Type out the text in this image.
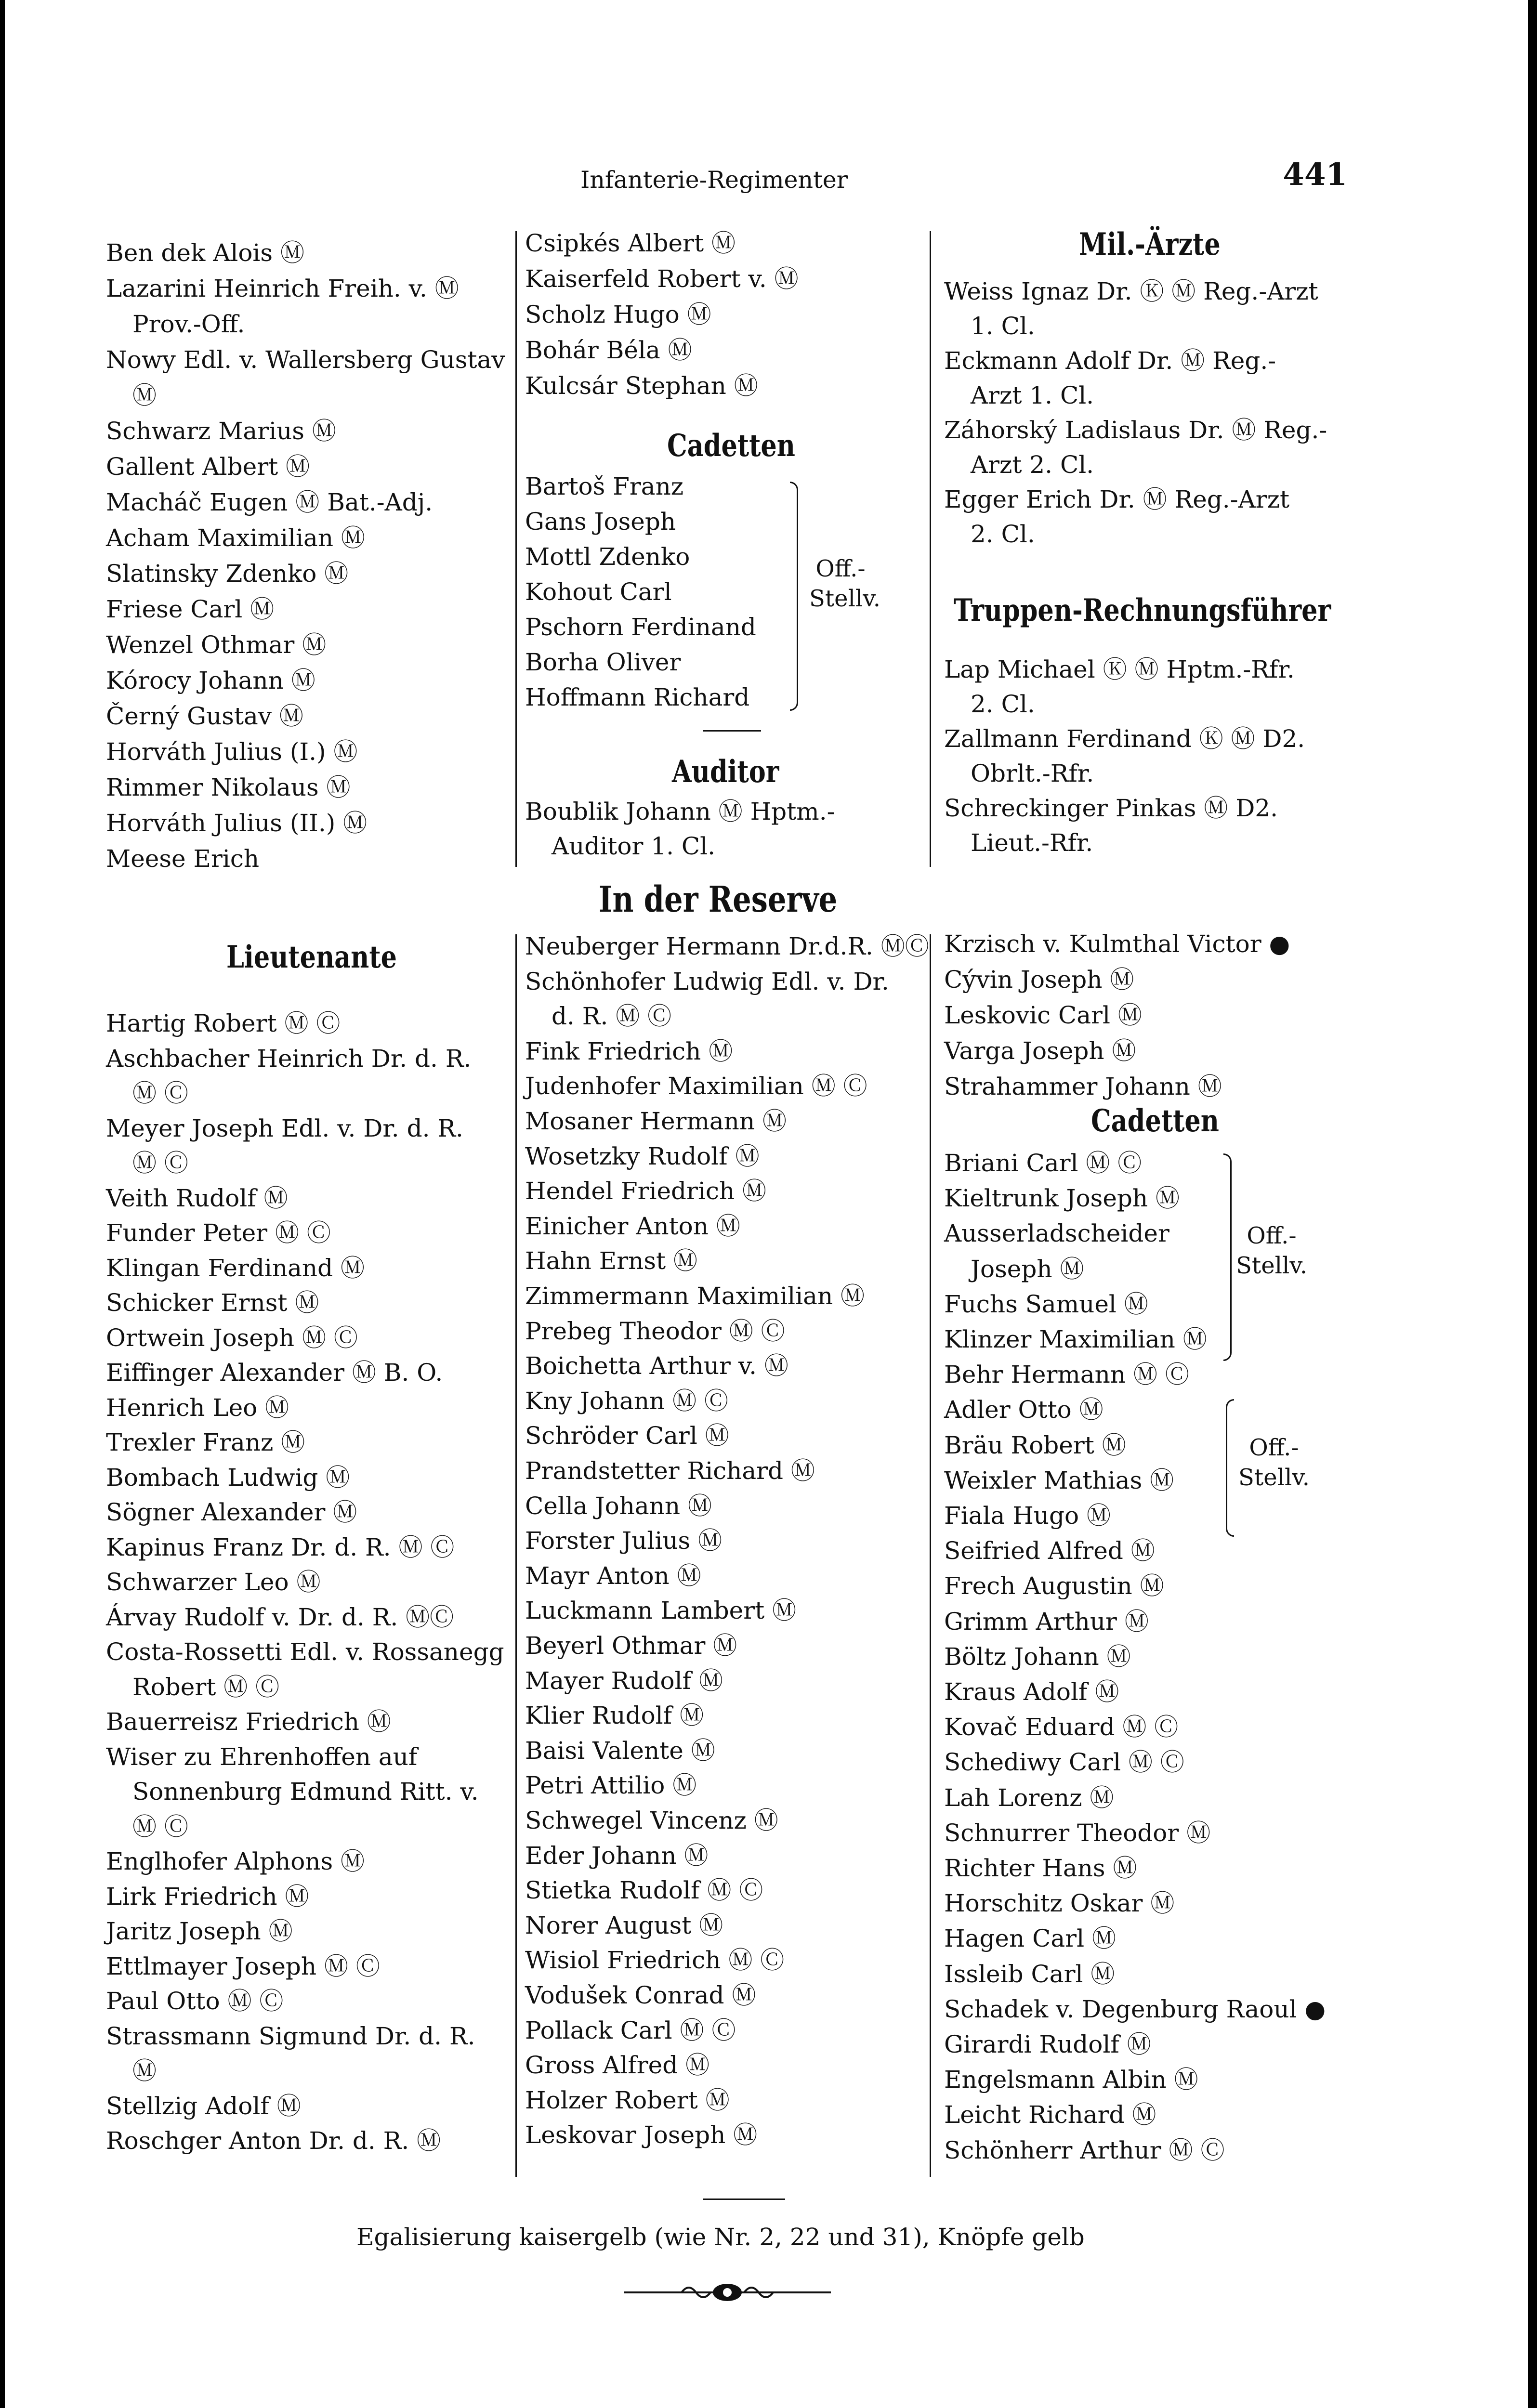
Infanterie-Regimenter	441
Ben dek Alois Ⓜ
Lazarini Heinrich Freih. v. Ⓜ
Prov.-Off.
Nowy Edl. v. Wallersberg Gustav
Ⓜ
Schwarz Marius Ⓜ
Gallent Albert Ⓜ
Macháč Eugen Ⓜ Bat.-Adj.
Acham Maximilian Ⓜ
Slatinsky Zdenko Ⓜ
Friese Carl Ⓜ
Wenzel Othmar Ⓜ
Kórocy Johann Ⓜ
Černý Gustav Ⓜ
Horváth Julius (I.) Ⓜ
Rimmer Nikolaus Ⓜ
Horváth Julius (II.) Ⓜ
Meese Erich
Lieutenante
Hartig Robert Ⓜ Ⓒ
Aschbacher Heinrich Dr. d. R.
Ⓜ Ⓒ
Meyer Joseph Edl. v. Dr. d. R.
Ⓜ Ⓒ
Veith Rudolf Ⓜ
Funder Peter Ⓜ Ⓒ
Klingan Ferdinand Ⓜ
Schicker Ernst Ⓜ
Ortwein Joseph Ⓜ Ⓒ
Eiffinger Alexander Ⓜ B. O.
Henrich Leo Ⓜ
Trexler Franz Ⓜ
Bombach Ludwig Ⓜ
Sögner Alexander Ⓜ
Kapinus Franz Dr. d. R. Ⓜ Ⓒ
Schwarzer Leo Ⓜ
Árvay Rudolf v. Dr. d. R. ⓂⒸ
Costa-Rossetti Edl. v. Rossanegg
Robert Ⓜ Ⓒ
Bauerreisz Friedrich Ⓜ
Wiser zu Ehrenhoffen auf
Sonnenburg Edmund Ritt. v.
Ⓜ Ⓒ
Englhofer Alphons Ⓜ
Lirk Friedrich Ⓜ
Jaritz Joseph Ⓜ
Ettlmayer Joseph Ⓜ Ⓒ
Paul Otto Ⓜ Ⓒ
Strassmann Sigmund Dr. d. R.
Ⓜ
Stellzig Adolf Ⓜ
Roschger Anton Dr. d. R. Ⓜ
Csipkés Albert Ⓜ
Kaiserfeld Robert v. Ⓜ
Scholz Hugo Ⓜ
Bohár Béla Ⓜ
Kulcsár Stephan Ⓜ
Cadetten
Bartoš Franz
Gans Joseph
Mottl Zdenko
Kohout Carl
Pschorn Ferdinand
Borha Oliver
Hoffmann Richard
Off.-
Stellv.
Auditor
Boublik Johann Ⓜ Hptm.-
Auditor 1. Cl.
In der Reserve
Neuberger Hermann Dr.d.R. ⓂⒸ
Schönhofer Ludwig Edl. v. Dr.
d. R. Ⓜ Ⓒ
Fink Friedrich Ⓜ
Judenhofer Maximilian Ⓜ Ⓒ
Mosaner Hermann Ⓜ
Wosetzky Rudolf Ⓜ
Hendel Friedrich Ⓜ
Einicher Anton Ⓜ
Hahn Ernst Ⓜ
Zimmermann Maximilian Ⓜ
Prebeg Theodor Ⓜ Ⓒ
Boichetta Arthur v. Ⓜ
Kny Johann Ⓜ Ⓒ
Schröder Carl Ⓜ
Prandstetter Richard Ⓜ
Cella Johann Ⓜ
Forster Julius Ⓜ
Mayr Anton Ⓜ
Luckmann Lambert Ⓜ
Beyerl Othmar Ⓜ
Mayer Rudolf Ⓜ
Klier Rudolf Ⓜ
Baisi Valente Ⓜ
Petri Attilio Ⓜ
Schwegel Vincenz Ⓜ
Eder Johann Ⓜ
Stietka Rudolf Ⓜ Ⓒ
Norer August Ⓜ
Wisiol Friedrich Ⓜ Ⓒ
Vodušek Conrad Ⓜ
Pollack Carl Ⓜ Ⓒ
Gross Alfred Ⓜ
Holzer Robert Ⓜ
Leskovar Joseph Ⓜ
Mil.-Ärzte
Weiss Ignaz Dr. Ⓚ Ⓜ Reg.-Arzt
1. Cl.
Eckmann Adolf Dr. Ⓜ Reg.-
Arzt 1. Cl.
Záhorský Ladislaus Dr. Ⓜ Reg.-
Arzt 2. Cl.
Egger Erich Dr. Ⓜ Reg.-Arzt
2. Cl.
Truppen-Rechnungsführer
Lap Michael Ⓚ Ⓜ Hptm.-Rfr.
2. Cl.
Zallmann Ferdinand Ⓚ Ⓜ D2.
Obrlt.-Rfr.
Schreckinger Pinkas Ⓜ D2.
Lieut.-Rfr.
Krzisch v. Kulmthal Victor ●
Cývin Joseph Ⓜ
Leskovic Carl Ⓜ
Varga Joseph Ⓜ
Strahammer Johann Ⓜ
Cadetten
Briani Carl Ⓜ Ⓒ
Kieltrunk Joseph Ⓜ
Ausserladscheider
Joseph Ⓜ
Fuchs Samuel Ⓜ
Klinzer Maximilian Ⓜ
Behr Hermann Ⓜ Ⓒ
Adler Otto Ⓜ
Bräu Robert Ⓜ
Weixler Mathias Ⓜ
Fiala Hugo Ⓜ
Seifried Alfred Ⓜ
Frech Augustin Ⓜ
Grimm Arthur Ⓜ
Böltz Johann Ⓜ
Kraus Adolf Ⓜ
Kovač Eduard Ⓜ Ⓒ
Schediwy Carl Ⓜ Ⓒ
Lah Lorenz Ⓜ
Schnurrer Theodor Ⓜ
Richter Hans Ⓜ
Horschitz Oskar Ⓜ
Hagen Carl Ⓜ
Issleib Carl Ⓜ
Schadek v. Degenburg Raoul ●
Girardi Rudolf Ⓜ
Engelsmann Albin Ⓜ
Leicht Richard Ⓜ
Schönherr Arthur Ⓜ Ⓒ
Off.-
Stellv.
Off.-
Stellv.
Egalisierung kaisergelb (wie Nr. 2, 22 und 31), Knöpfe gelb
